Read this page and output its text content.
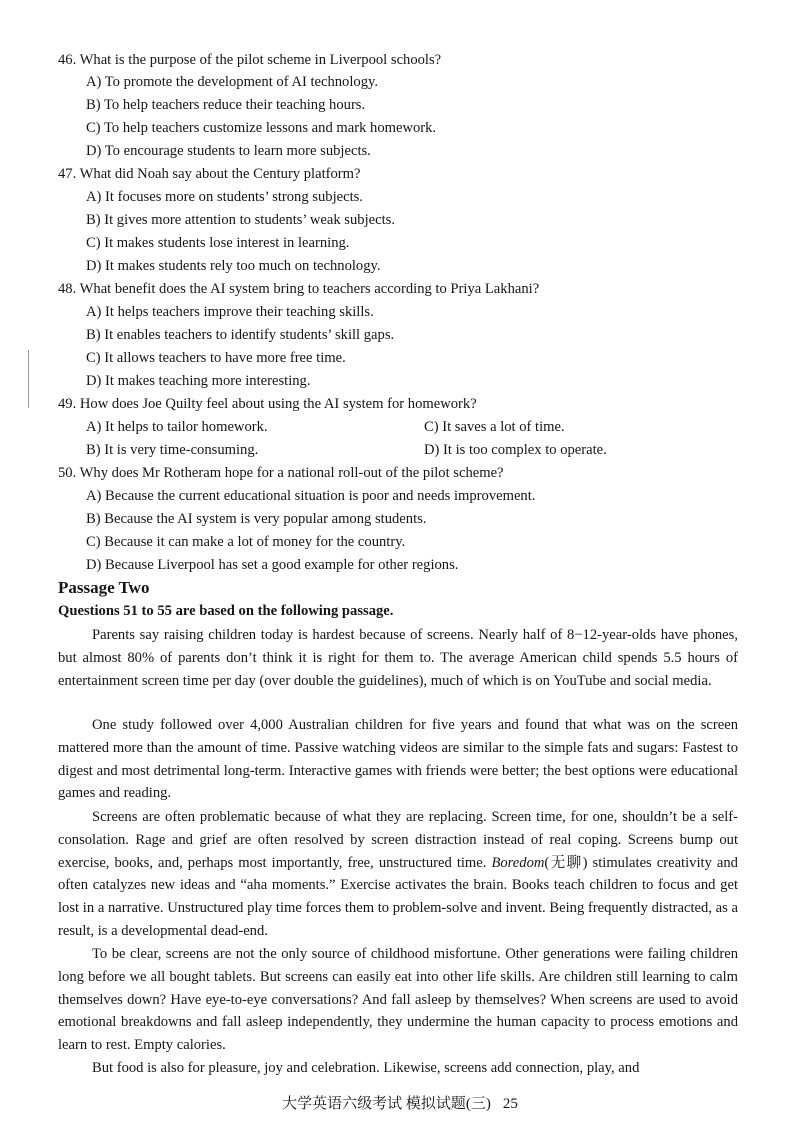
46. What is the purpose of the pilot scheme in Liverpool schools?
A) To promote the development of AI technology.
B) To help teachers reduce their teaching hours.
C) To help teachers customize lessons and mark homework.
D) To encourage students to learn more subjects.
47. What did Noah say about the Century platform?
A) It focuses more on students’ strong subjects.
B) It gives more attention to students’ weak subjects.
C) It makes students lose interest in learning.
D) It makes students rely too much on technology.
48. What benefit does the AI system bring to teachers according to Priya Lakhani?
A) It helps teachers improve their teaching skills.
B) It enables teachers to identify students’ skill gaps.
C) It allows teachers to have more free time.
D) It makes teaching more interesting.
49. How does Joe Quilty feel about using the AI system for homework?
A) It helps to tailor homework.	C) It saves a lot of time.
B) It is very time-consuming.	D) It is too complex to operate.
50. Why does Mr Rotheram hope for a national roll-out of the pilot scheme?
A) Because the current educational situation is poor and needs improvement.
B) Because the AI system is very popular among students.
C) Because it can make a lot of money for the country.
D) Because Liverpool has set a good example for other regions.
Passage Two
Questions 51 to 55 are based on the following passage.

Parents say raising children today is hardest because of screens. Nearly half of 8−12-year-olds have phones, but almost 80% of parents don’t think it is right for them to. The average American child spends 5.5 hours of entertainment screen time per day (over double the guidelines), much of which is on YouTube and social media.

One study followed over 4,000 Australian children for five years and found that what was on the screen mattered more than the amount of time. Passive watching videos are similar to the simple fats and sugars: Fastest to digest and most detrimental long-term. Interactive games with friends were better; the best options were educational games and reading.

Screens are often problematic because of what they are replacing. Screen time, for one, shouldn’t be a self-consolation. Rage and grief are often resolved by screen distraction instead of real coping. Screens bump out exercise, books, and, perhaps most importantly, free, unstructured time. Boredom(无聊) stimulates creativity and often catalyzes new ideas and “aha moments.” Exercise activates the brain. Books teach children to focus and get lost in a narrative. Unstructured play time forces them to problem-solve and invent. Being frequently distracted, as a result, is a developmental dead-end.

To be clear, screens are not the only source of childhood misfortune. Other generations were failing children long before we all bought tablets. But screens can easily eat into other life skills. Are children still learning to calm themselves down? Have eye-to-eye conversations? And fall asleep by themselves? When screens are used to avoid emotional breakdowns and fall asleep independently, they undermine the human capacity to process emotions and learn to rest. Empty calories.

But food is also for pleasure, joy and celebration. Likewise, screens add connection, play, and

大学英语六级考试 模拟试题(三) 25
